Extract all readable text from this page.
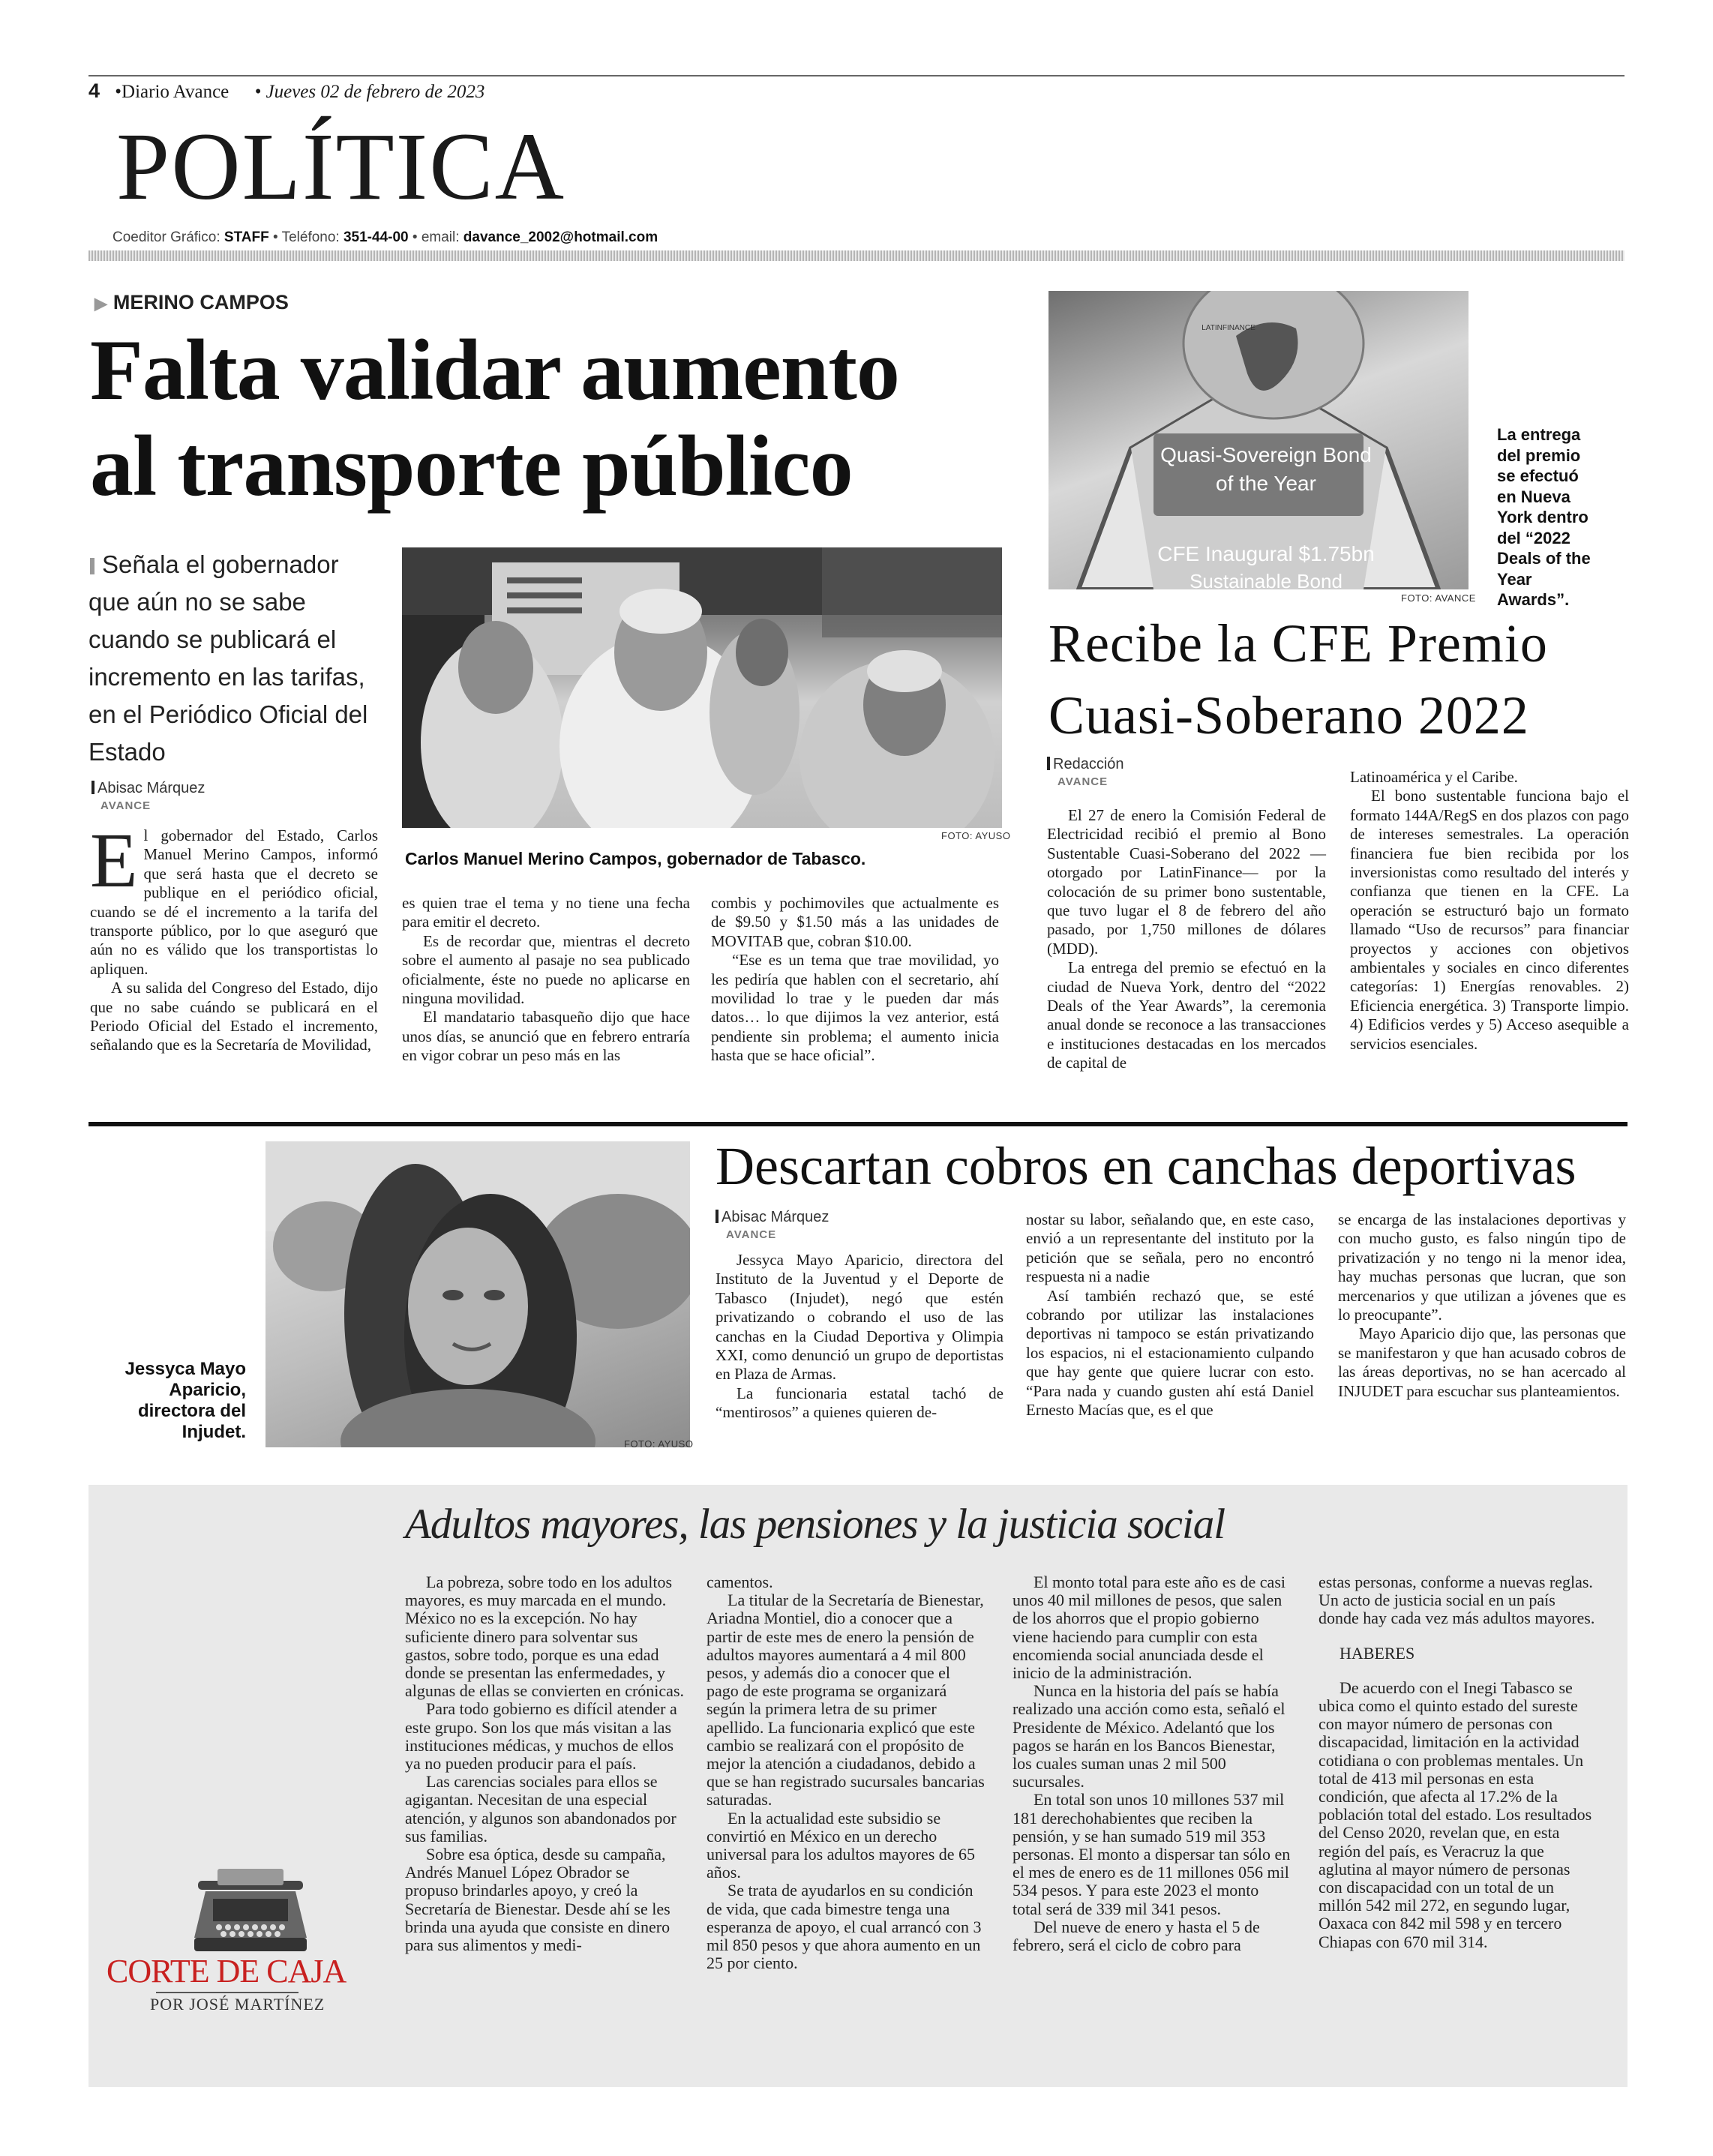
4 •Diario Avance • Jueves 02 de febrero de 2023
POLÍTICA
Coeditor Gráfico: STAFF • Teléfono: 351-44-00 • email: davance_2002@hotmail.com
▶ MERINO CAMPOS
Falta validar aumento
al transporte público
Señala el gobernador que aún no se sabe cuando se publicará el incremento en las tarifas, en el Periódico Oficial del Estado
Abisac Márquez
AVANCE
FOTO: AYUSO
Carlos Manuel Merino Campos, gobernador de Tabasco.

El gobernador del Estado, Carlos Manuel Merino Campos, informó que será hasta que el decreto se publique en el periódico oficial, cuando se dé el incremento a la tarifa del transporte público, por lo que aseguró que aún no es válido que los transportistas lo apliquen.

A su salida del Congreso del Estado, dijo que no sabe cuándo se publicará en el Periodo Oficial del Estado el incremento, señalando que es la Secretaría de Movilidad,

es quien trae el tema y no tiene una fecha para emitir el decreto.

Es de recordar que, mientras el decreto sobre el aumento al pasaje no sea publicado oficialmente, éste no puede no aplicarse en ninguna movilidad.

El mandatario tabasqueño dijo que hace unos días, se anunció que en febrero entraría en vigor cobrar un peso más en las

combis y pochimoviles que actualmente es de $9.50 y $1.50 más a las unidades de MOVITAB que, cobran $10.00.

“Ese es un tema que trae movilidad, yo les pediría que hablen con el secretario, ahí movilidad lo trae y le pueden dar más datos… lo que dijimos la vez anterior, está pendiente sin problema; el aumento inicia hasta que se hace oficial”.

Quasi-Sovereign Bond
of the Year
CFE Inaugural $1.75bn
Sustainable Bond
LATINFINANCE
FOTO: AVANCE
La entrega del premio se efectuó en Nueva York dentro del “2022 Deals of the Year Awards”.
Recibe la CFE Premio
Cuasi-Soberano 2022
Redacción
AVANCE

El 27 de enero la Comisión Federal de Electricidad recibió el premio al Bono Sustentable Cuasi-Soberano del 2022 —otorgado por LatinFinance— por la colocación de su primer bono sustentable, que tuvo lugar el 8 de febrero del año pasado, por 1,750 millones de dólares (MDD).

La entrega del premio se efectuó en la ciudad de Nueva York, dentro del “2022 Deals of the Year Awards”, la ceremonia anual donde se reconoce a las transacciones e instituciones destacadas en los mercados de capital de

Latinoamérica y el Caribe.

El bono sustentable funciona bajo el formato 144A/RegS en dos plazos con pago de intereses semestrales. La operación financiera fue bien recibida por los inversionistas como resultado del interés y confianza que tienen en la CFE. La operación se estructuró bajo un formato llamado “Uso de recursos” para financiar proyectos y acciones con objetivos ambientales y sociales en cinco diferentes categorías: 1) Energías renovables. 2) Eficiencia energética. 3) Transporte limpio. 4) Edificios verdes y 5) Acceso asequible a servicios esenciales.

FOTO: AYUSO
Jessyca Mayo Aparicio, directora del Injudet.
Descartan cobros en canchas deportivas
Abisac Márquez
AVANCE

Jessyca Mayo Aparicio, directora del Instituto de la Juventud y el Deporte de Tabasco (Injudet), negó que estén privatizando o cobrando el uso de las canchas en la Ciudad Deportiva y Olimpia XXI, como denunció un grupo de deportistas en Plaza de Armas.

La funcionaria estatal tachó de “mentirosos” a quienes quieren de-

nostar su labor, señalando que, en este caso, envió a un representante del instituto por la petición que se señala, pero no encontró respuesta ni a nadie

Así también rechazó que, se esté cobrando por utilizar las instalaciones deportivas ni tampoco se están privatizando los espacios, ni el estacionamiento culpando que hay gente que quiere lucrar con esto. “Para nada y cuando gusten ahí está Daniel Ernesto Macías que, es el que

se encarga de las instalaciones deportivas y con mucho gusto, es falso ningún tipo de privatización y no tengo ni la menor idea, hay muchas personas que lucran, que son mercenarios y que utilizan a jóvenes que es lo preocupante”.

Mayo Aparicio dijo que, las personas que se manifestaron y que han acusado cobros de las áreas deportivas, no se han acercado al INJUDET para escuchar sus planteamientos.

Adultos mayores, las pensiones y la justicia social
CORTE DE CAJA
POR JOSÉ MARTÍNEZ

La pobreza, sobre todo en los adultos mayores, es muy marcada en el mundo. México no es la excepción. No hay suficiente dinero para solventar sus gastos, sobre todo, porque es una edad donde se presentan las enfermedades, y algunas de ellas se convierten en crónicas.

Para todo gobierno es difícil atender a este grupo. Son los que más visitan a las instituciones médicas, y muchos de ellos ya no pueden producir para el país.

Las carencias sociales para ellos se agigantan. Necesitan de una especial atención, y algunos son abandonados por sus familias.

Sobre esa óptica, desde su campaña, Andrés Manuel López Obrador se propuso brindarles apoyo, y creó la Secretaría de Bienestar. Desde ahí se les brinda una ayuda que consiste en dinero para sus alimentos y medi-

camentos.

La titular de la Secretaría de Bienestar, Ariadna Montiel, dio a conocer que a partir de este mes de enero la pensión de adultos mayores aumentará a 4 mil 800 pesos, y además dio a conocer que el pago de este programa se organizará según la primera letra de su primer apellido. La funcionaria explicó que este cambio se realizará con el propósito de mejor la atención a ciudadanos, debido a que se han registrado sucursales bancarias saturadas.

En la actualidad este subsidio se convirtió en México en un derecho universal para los adultos mayores de 65 años.

Se trata de ayudarlos en su condición de vida, que cada bimestre tenga una esperanza de apoyo, el cual arrancó con 3 mil 850 pesos y que ahora aumento en un 25 por ciento.

El monto total para este año es de casi unos 40 mil millones de pesos, que salen de los ahorros que el propio gobierno viene haciendo para cumplir con esta encomienda social anunciada desde el inicio de la administración.

Nunca en la historia del país se había realizado una acción como esta, señaló el Presidente de México. Adelantó que los pagos se harán en los Bancos Bienestar, los cuales suman unas 2 mil 500 sucursales.

En total son unos 10 millones 537 mil 181 derechohabientes que reciben la pensión, y se han sumado 519 mil 353 personas. El monto a dispersar tan sólo en el mes de enero es de 11 millones 056 mil 534 pesos. Y para este 2023 el monto total será de 339 mil 341 pesos.

Del nueve de enero y hasta el 5 de febrero, será el ciclo de cobro para

estas personas, conforme a nuevas reglas. Un acto de justicia social en un país donde hay cada vez más adultos mayores.

HABERES

De acuerdo con el Inegi Tabasco se ubica como el quinto estado del sureste con mayor número de personas con discapacidad, limitación en la actividad cotidiana o con problemas mentales. Un total de 413 mil personas en esta condición, que afecta al 17.2% de la población total del estado. Los resultados del Censo 2020, revelan que, en esta región del país, es Veracruz la que aglutina al mayor número de personas con discapacidad con un total de un millón 542 mil 272, en segundo lugar, Oaxaca con 842 mil 598 y en tercero Chiapas con 670 mil 314.
